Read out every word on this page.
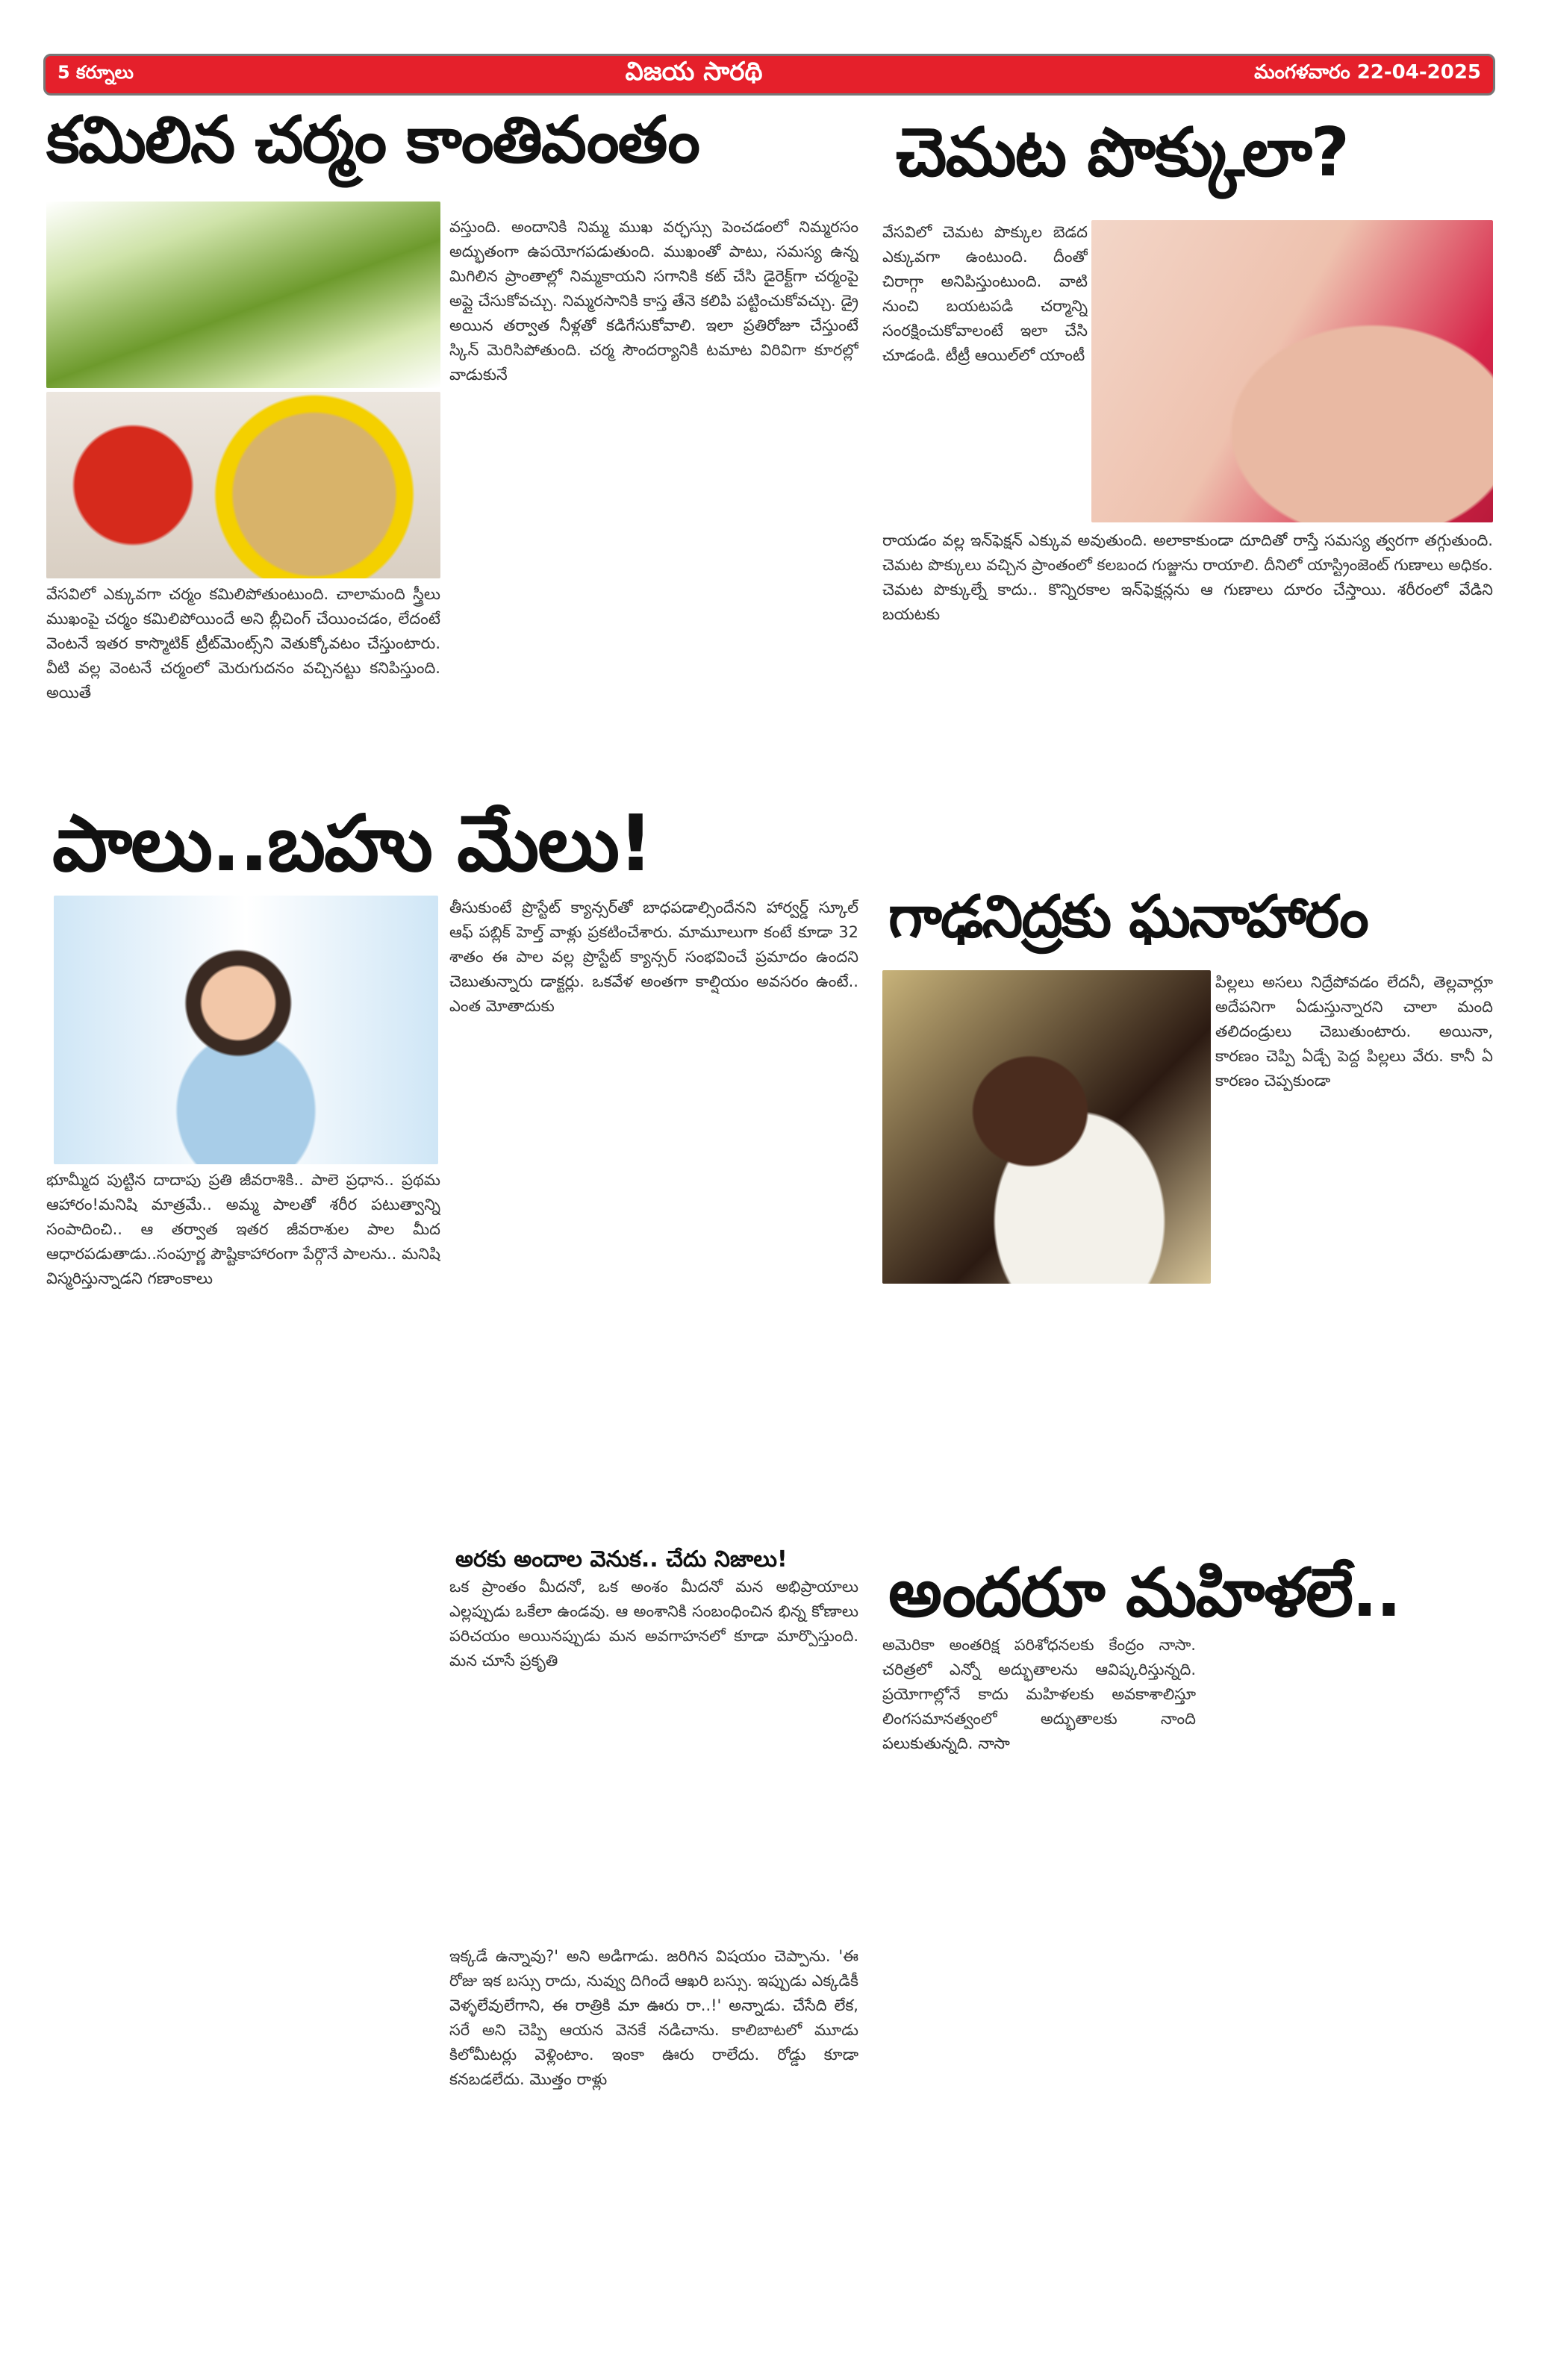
5 కర్నూలు	విజయ సారథి	మంగళవారం 22-04-2025
కమిలిన చర్మం కాంతివంతం
వేసవిలో ఎక్కువగా చర్మం కమిలిపోతుంటుంది. చాలామంది స్త్రీలు ముఖంపై చర్మం కమిలిపోయిందే అని బ్లీచింగ్ చేయించడం, లేదంటే వెంటనే ఇతర కాస్మొటిక్ ట్రీట్‌మెంట్స్‌ని వెతుక్కోవటం చేస్తుంటారు. వీటి వల్ల వెంటనే చర్మంలో మెరుగుదనం వచ్చినట్టు కనిపిస్తుంది. అయితే
వస్తుంది. అందానికి నిమ్మ ముఖ వర్ఛస్సు పెంచడంలో నిమ్మరసం అద్భుతంగా ఉపయోగపడుతుంది. ముఖంతో పాటు, సమస్య ఉన్న మిగిలిన ప్రాంతాల్లో నిమ్మకాయని సగానికి కట్ చేసి డైరెక్ట్‌గా చర్మంపై అప్లై చేసుకోవచ్చు. నిమ్మరసానికి కాస్త తేనె కలిపి పట్టించుకోవచ్చు. డ్రై అయిన తర్వాత నీళ్లతో కడిగేసుకోవాలి. ఇలా ప్రతిరోజూ చేస్తుంటే స్కిన్ మెరిసిపోతుంది. చర్మ సౌందర్యానికి టమాట విరివిగా కూరల్లో వాడుకునే
చెమట పొక్కులా?
వేసవిలో చెమట పొక్కుల బెడద ఎక్కువగా ఉంటుంది. దీంతో చిరాగ్గా అనిపిస్తుంటుంది. వాటి నుంచి బయటపడి చర్మాన్ని సంరక్షించుకోవాలంటే ఇలా చేసి చూడండి. టీట్రీ ఆయిల్‌లో యాంటీ
రాయడం వల్ల ఇన్‌ఫెక్షన్ ఎక్కువ అవుతుంది. అలాకాకుండా దూదితో రాస్తే సమస్య త్వరగా తగ్గుతుంది. చెమట పొక్కులు వచ్చిన ప్రాంతంలో కలబంద గుజ్జును రాయాలి. దీనిలో యాస్ట్రింజెంట్ గుణాలు అధికం. చెమట పొక్కుల్నే కాదు.. కొన్నిరకాల ఇన్‌ఫెక్షన్లను ఆ గుణాలు దూరం చేస్తాయి. శరీరంలో వేడిని బయటకు
పాలు..బహు మేలు!
భూమ్మీద పుట్టిన దాదాపు ప్రతి జీవరాశికి.. పాలె ప్రధాన.. ప్రథమ ఆహారం!మనిషి మాత్రమే.. అమ్మ పాలతో శరీర పటుత్వాన్ని సంపాదించి.. ఆ తర్వాత ఇతర జీవరాశుల పాల మీద ఆధారపడుతాడు..సంపూర్ణ పౌష్టికాహారంగా పేర్గొనే పాలను.. మనిషి విస్మరిస్తున్నాడని గణాంకాలు
తీసుకుంటే ప్రొస్టేట్ క్యాన్సర్‌తో బాధపడాల్సిందేనని హార్వర్డ్ స్కూల్ ఆఫ్ పబ్లిక్ హెల్త్ వాళ్లు ప్రకటించేశారు. మామూలుగా కంటే కూడా 32 శాతం ఈ పాల వల్ల ప్రొస్టేట్ క్యాన్సర్ సంభవించే ప్రమాదం ఉందని చెబుతున్నారు డాక్టర్లు. ఒకవేళ అంతగా కాల్షియం అవసరం ఉంటే.. ఎంత మోతాదుకు
అరకు అందాల వెనుక.. చేదు నిజాలు!
ఒక ప్రాంతం మీదనో, ఒక అంశం మీదనో మన అభిప్రాయాలు ఎల్లప్పుడు ఒకేలా ఉండవు. ఆ అంశానికి సంబంధించిన భిన్న కోణాలు పరిచయం అయినప్పుడు మన అవగాహనలో కూడా మార్పొస్తుంది. మన చూసే ప్రకృతి
ఇక్కడే ఉన్నావు?' అని అడిగాడు. జరిగిన విషయం చెప్పాను. 'ఈ రోజు ఇక బస్సు రాదు, నువ్వు దిగిందే ఆఖరి బస్సు. ఇప్పుడు ఎక్కడికీ వెళ్ళలేవులేగాని, ఈ రాత్రికి మా ఊరు రా..!' అన్నాడు. చేసేది లేక, సరే అని చెప్పి ఆయన వెనకే నడిచాను. కాలిబాటలో మూడు కిలోమీటర్లు వెళ్లింటాం. ఇంకా ఊరు రాలేదు. రోడ్డు కూడా కనబడలేదు. మొత్తం రాళ్లు
గాఢనిద్రకు ఘనాహారం
పిల్లలు అసలు నిద్రేపోవడం లేదనీ, తెల్లవార్లూ అదేపనిగా ఏడుస్తున్నారని చాలా మంది తలిదండ్రులు చెబుతుంటారు. అయినా, కారణం చెప్పి ఏడ్చే పెద్ద పిల్లలు వేరు. కానీ ఏ కారణం చెప్పకుండా
అందరూ మహిళలే..
అమెరికా అంతరిక్ష పరిశోధనలకు కేంద్రం నాసా. చరిత్రలో ఎన్నో అద్భుతాలను ఆవిష్కరిస్తున్నది. ప్రయోగాల్లోనే కాదు మహిళలకు అవకాశాలిస్తూ లింగసమానత్వంలో అద్భుతాలకు నాంది పలుకుతున్నది. నాసా
